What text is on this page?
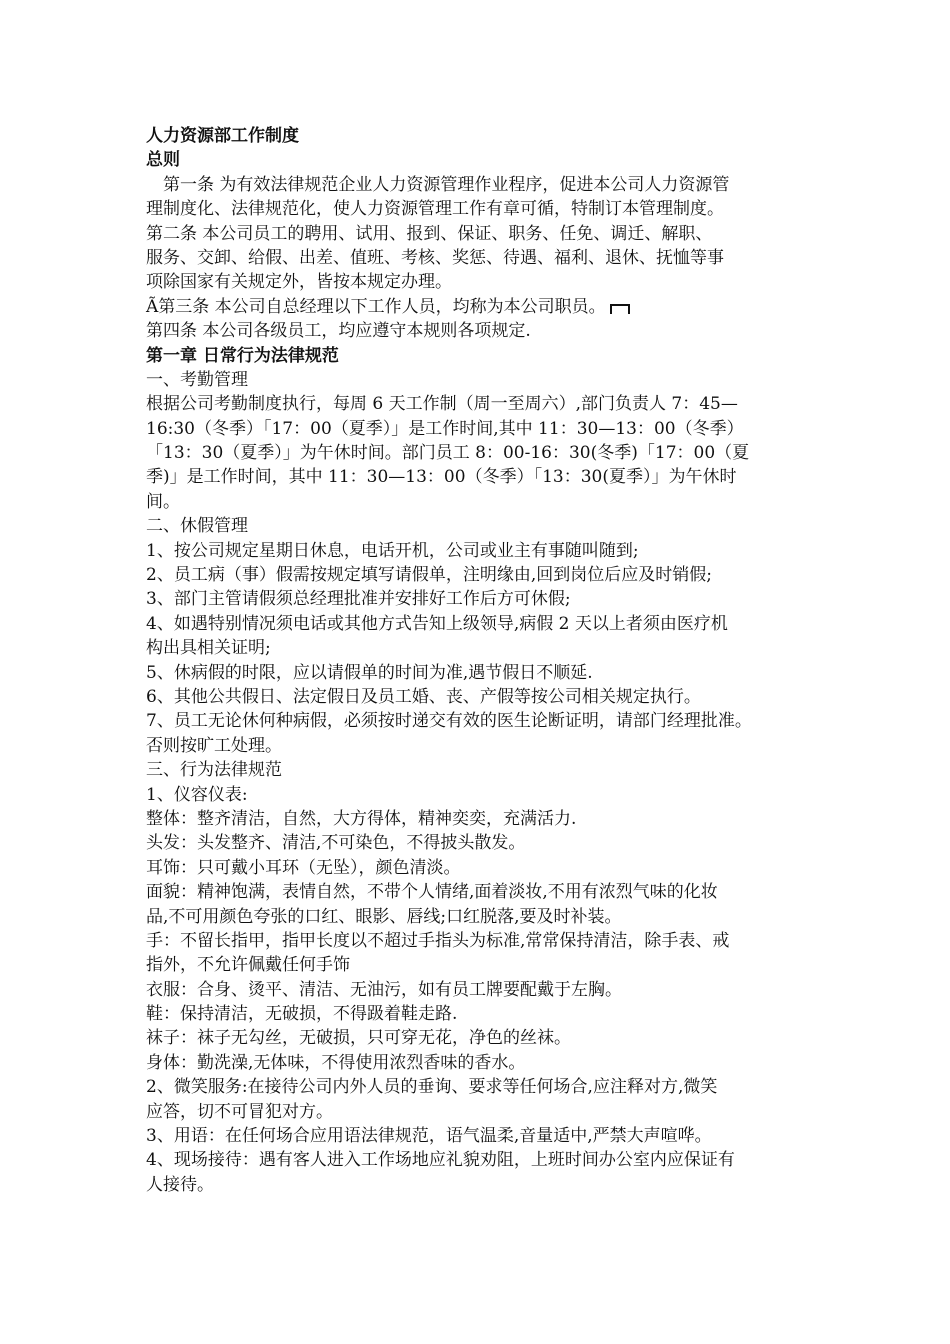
人力资源部工作制度
总则
　第一条 为有效法律规范企业人力资源管理作业程序，促进本公司人力资源管
理制度化、法律规范化，使人力资源管理工作有章可循，特制订本管理制度。
第二条 本公司员工的聘用、试用、报到、保证、职务、任免、调迁、解职、
服务、交卸、给假、出差、值班、考核、奖惩、待遇、福利、退休、抚恤等事
项除国家有关规定外，皆按本规定办理。
Ã第三条 本公司自总经理以下工作人员，均称为本公司职员。
第四条 本公司各级员工，均应遵守本规则各项规定.
第一章 日常行为法律规范
一、考勤管理
根据公司考勤制度执行，每周 6 天工作制（周一至周六）,部门负责人 7：45—
16:30（冬季）「17：00（夏季）」是工作时间,其中 11：30—13：00（冬季）
「13：30（夏季）」为午休时间。部门员工 8：00-16：30(冬季)「17：00（夏
季)」是工作时间，其中 11：30—13：00（冬季）「13：30(夏季）」为午休时
间。
二、休假管理
1、按公司规定星期日休息，电话开机，公司或业主有事随叫随到;
2、员工病（事）假需按规定填写请假单，注明缘由,回到岗位后应及时销假;
3、部门主管请假须总经理批准并安排好工作后方可休假;
4、如遇特别情况须电话或其他方式告知上级领导,病假 2 天以上者须由医疗机
构出具相关证明;
5、休病假的时限，应以请假单的时间为准,遇节假日不顺延.
6、其他公共假日、法定假日及员工婚、丧、产假等按公司相关规定执行。
7、员工无论休何种病假，必须按时递交有效的医生论断证明，请部门经理批准。
否则按旷工处理。
三、行为法律规范
1、仪容仪表:
整体：整齐清洁，自然，大方得体，精神奕奕，充满活力.
头发：头发整齐、清洁,不可染色，不得披头散发。
耳饰：只可戴小耳环（无坠），颜色清淡。
面貌：精神饱满，表情自然，不带个人情绪,面着淡妆,不用有浓烈气味的化妆
品,不可用颜色夸张的口红、眼影、唇线;口红脱落,要及时补装。
手：不留长指甲，指甲长度以不超过手指头为标准,常常保持清洁，除手表、戒
指外，不允许佩戴任何手饰
衣服：合身、烫平、清洁、无油污，如有员工牌要配戴于左胸。
鞋：保持清洁，无破损，不得趿着鞋走路.
袜子：袜子无勾丝，无破损，只可穿无花，净色的丝袜。
身体：勤洗澡,无体味，不得使用浓烈香味的香水。
2、微笑服务:在接待公司内外人员的垂询、要求等任何场合,应注释对方,微笑
应答，切不可冒犯对方。
3、用语：在任何场合应用语法律规范，语气温柔,音量适中,严禁大声喧哗。
4、现场接待：遇有客人进入工作场地应礼貌劝阻，上班时间办公室内应保证有
人接待。
